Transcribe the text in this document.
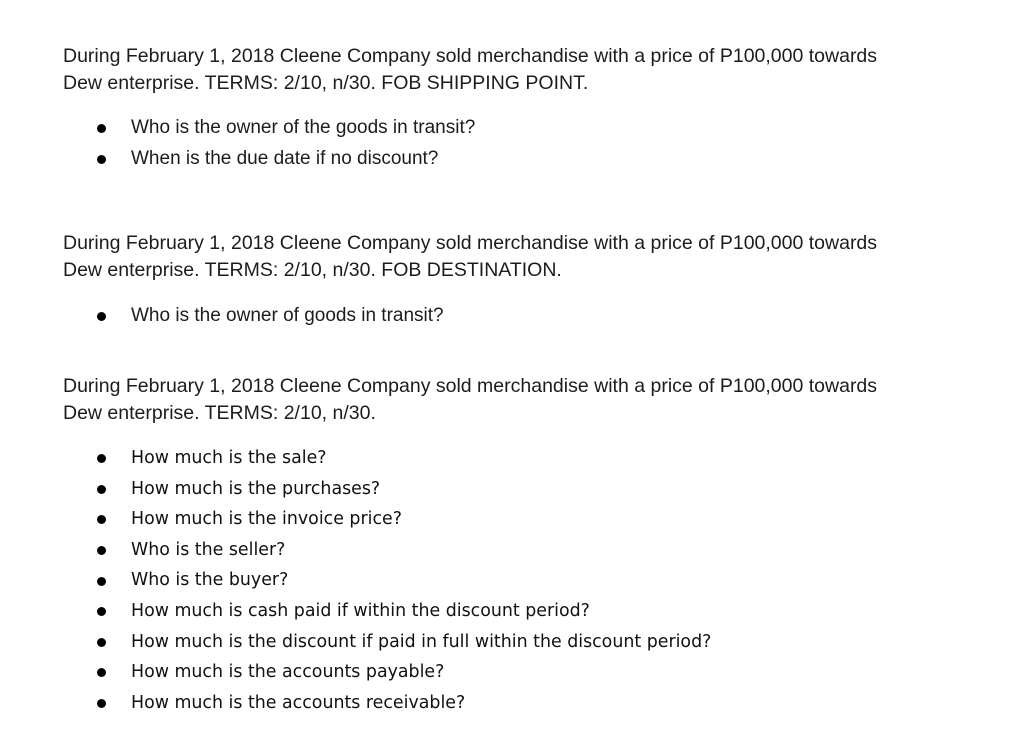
During February 1, 2018 Cleene Company sold merchandise with a price of P100,000 towards
Dew enterprise. TERMS: 2/10, n/30. FOB SHIPPING POINT.

Who is the owner of the goods in transit?
When is the due date if no discount?

During February 1, 2018 Cleene Company sold merchandise with a price of P100,000 towards
Dew enterprise. TERMS: 2/10, n/30. FOB DESTINATION.

Who is the owner of goods in transit?

During February 1, 2018 Cleene Company sold merchandise with a price of P100,000 towards
Dew enterprise. TERMS: 2/10, n/30.

How much is the sale?
How much is the purchases?
How much is the invoice price?
Who is the seller?
Who is the buyer?
How much is cash paid if within the discount period?
How much is the discount if paid in full within the discount period?
How much is the accounts payable?
How much is the accounts receivable?
